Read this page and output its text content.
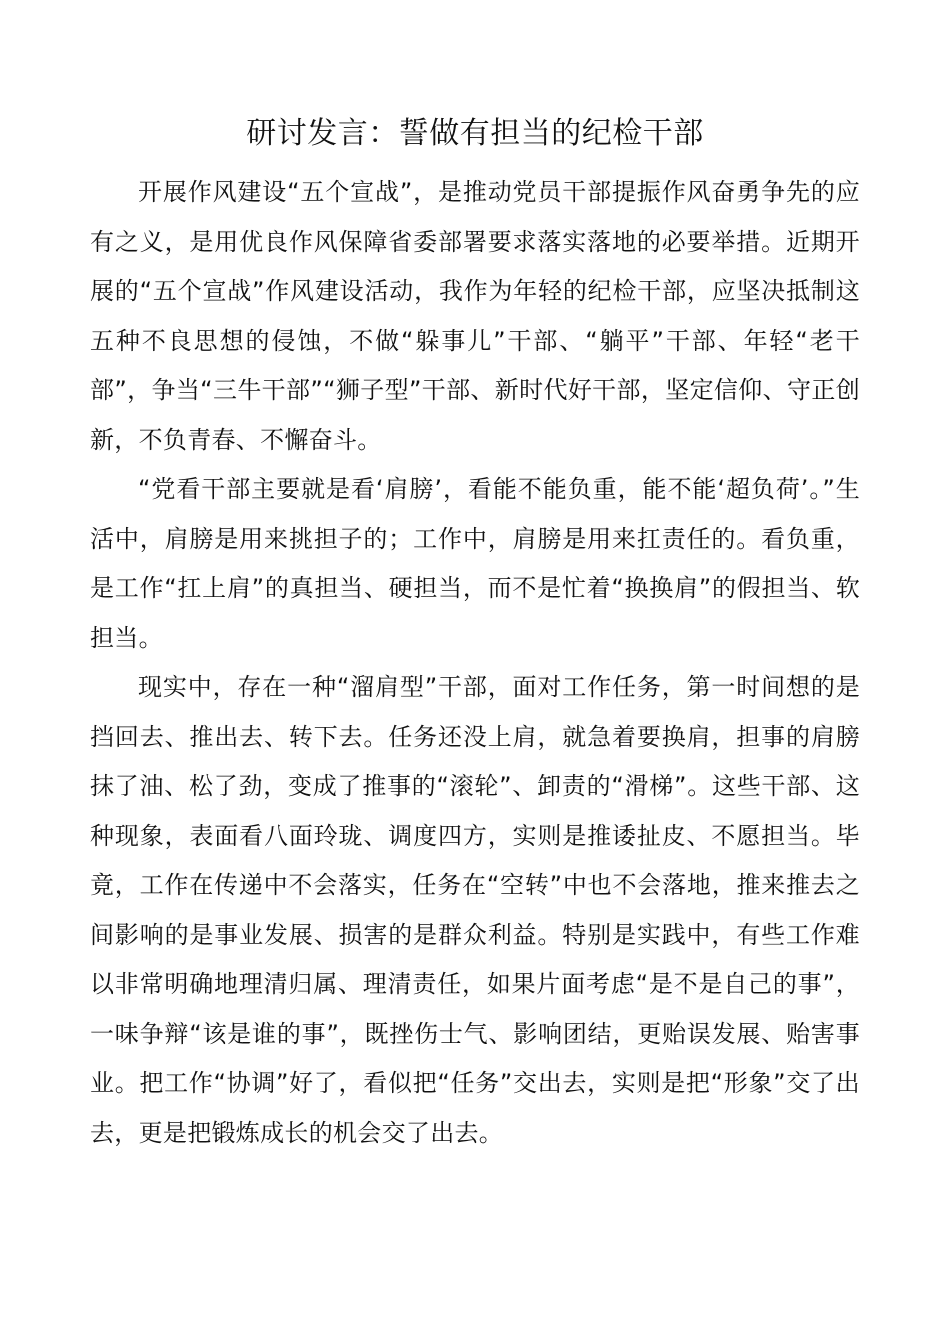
研讨发言：誓做有担当的纪检干部

开展作风建设“五个宣战”，是推动党员干部提振作风奋勇争先的应有之义，是用优良作风保障省委部署要求落实落地的必要举措。近期开展的“五个宣战”作风建设活动，我作为年轻的纪检干部，应坚决抵制这五种不良思想的侵蚀，不做“躲事儿”干部、“躺平”干部、年轻“老干部”，争当“三牛干部”“狮子型”干部、新时代好干部，坚定信仰、守正创新，不负青春、不懈奋斗。

“党看干部主要就是看‘肩膀’，看能不能负重，能不能‘超负荷’。”生活中，肩膀是用来挑担子的；工作中，肩膀是用来扛责任的。看负重，是工作“扛上肩”的真担当、硬担当，而不是忙着“换换肩”的假担当、软担当。

现实中，存在一种“溜肩型”干部，面对工作任务，第一时间想的是挡回去、推出去、转下去。任务还没上肩，就急着要换肩，担事的肩膀抹了油、松了劲，变成了推事的“滚轮”、卸责的“滑梯”。这些干部、这种现象，表面看八面玲珑、调度四方，实则是推诿扯皮、不愿担当。毕竟，工作在传递中不会落实，任务在“空转”中也不会落地，推来推去之间影响的是事业发展、损害的是群众利益。特别是实践中，有些工作难以非常明确地理清归属、理清责任，如果片面考虑“是不是自己的事”，一味争辩“该是谁的事”，既挫伤士气、影响团结，更贻误发展、贻害事业。把工作“协调”好了，看似把“任务”交出去，实则是把“形象”交了出去，更是把锻炼成长的机会交了出去。
